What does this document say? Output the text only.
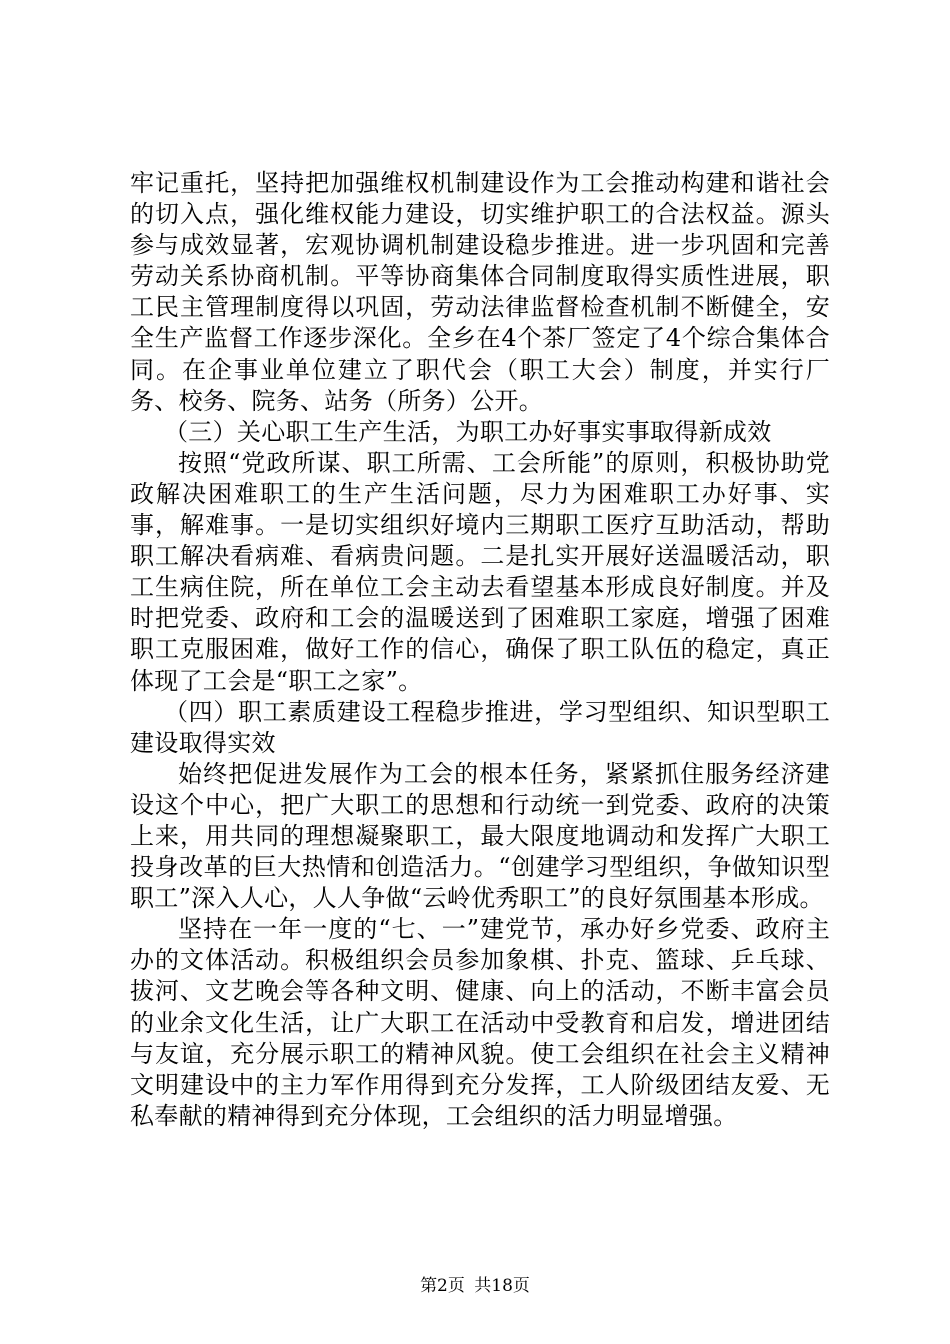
牢记重托，坚持把加强维权机制建设作为工会推动构建和谐社会的切入点，强化维权能力建设，切实维护职工的合法权益。源头参与成效显著，宏观协调机制建设稳步推进。进一步巩固和完善劳动关系协商机制。平等协商集体合同制度取得实质性进展，职工民主管理制度得以巩固，劳动法律监督检查机制不断健全，安全生产监督工作逐步深化。全乡在4个茶厂签定了4个综合集体合同。在企事业单位建立了职代会（职工大会）制度，并实行厂务、校务、院务、站务（所务）公开。

（三）关心职工生产生活，为职工办好事实事取得新成效

按照“党政所谋、职工所需、工会所能”的原则，积极协助党政解决困难职工的生产生活问题，尽力为困难职工办好事、实事，解难事。一是切实组织好境内三期职工医疗互助活动，帮助职工解决看病难、看病贵问题。二是扎实开展好送温暖活动，职工生病住院，所在单位工会主动去看望基本形成良好制度。并及时把党委、政府和工会的温暖送到了困难职工家庭，增强了困难职工克服困难，做好工作的信心，确保了职工队伍的稳定，真正体现了工会是“职工之家”。

（四）职工素质建设工程稳步推进，学习型组织、知识型职工建设取得实效

始终把促进发展作为工会的根本任务，紧紧抓住服务经济建设这个中心，把广大职工的思想和行动统一到党委、政府的决策上来，用共同的理想凝聚职工，最大限度地调动和发挥广大职工投身改革的巨大热情和创造活力。“创建学习型组织，争做知识型职工”深入人心，人人争做“云岭优秀职工”的良好氛围基本形成。

坚持在一年一度的“七、一”建党节，承办好乡党委、政府主办的文体活动。积极组织会员参加象棋、扑克、篮球、乒乓球、拔河、文艺晚会等各种文明、健康、向上的活动，不断丰富会员的业余文化生活，让广大职工在活动中受教育和启发，增进团结与友谊，充分展示职工的精神风貌。使工会组织在社会主义精神文明建设中的主力军作用得到充分发挥，工人阶级团结友爱、无私奉献的精神得到充分体现，工会组织的活力明显增强。

第2页 共18页
